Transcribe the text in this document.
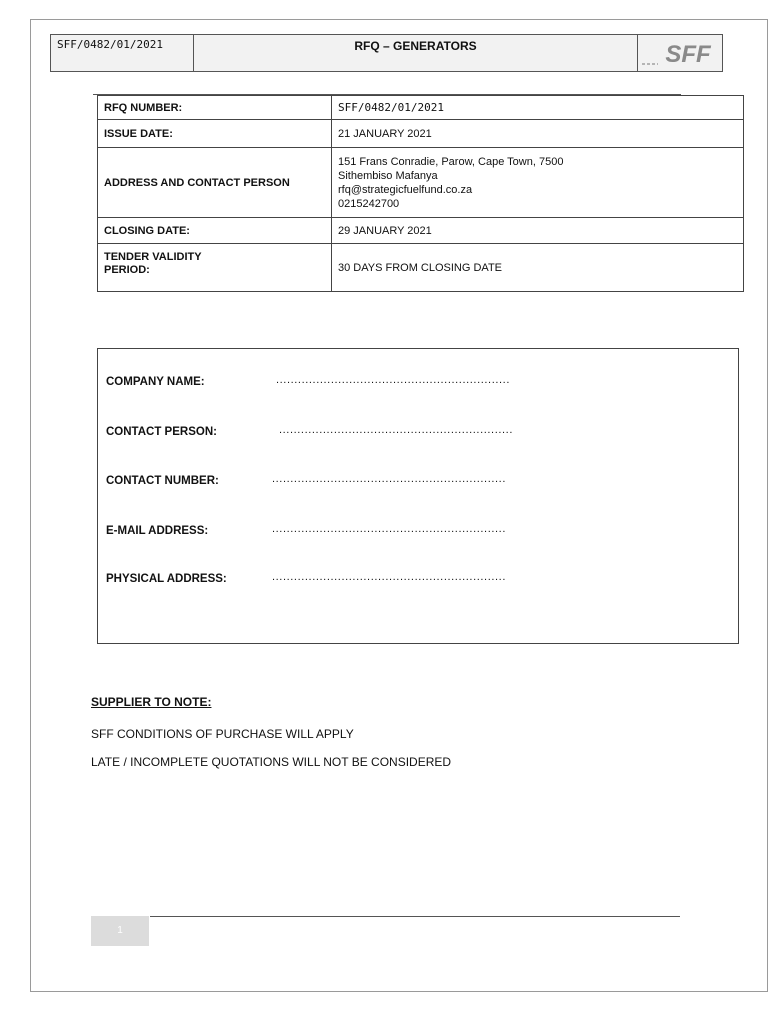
SFF/0482/01/2021	RFQ – GENERATORS	SFF
RFQ NUMBER:	SFF/0482/01/2021
ISSUE DATE:	21 JANUARY 2021
ADDRESS AND CONTACT PERSON	151 Frans Conradie, Parow, Cape Town, 7500
Sithembiso Mafanya
rfq@strategicfuelfund.co.za
0215242700

CLOSING DATE:	29 JANUARY 2021

TENDER VALIDITY
PERIOD:	30 DAYS FROM CLOSING DATE
COMPANY NAME:	................................................................
CONTACT PERSON:	................................................................
CONTACT NUMBER:	................................................................
E-MAIL ADDRESS:	................................................................
PHYSICAL ADDRESS:	................................................................
SUPPLIER TO NOTE:
SFF CONDITIONS OF PURCHASE WILL APPLY
LATE / INCOMPLETE QUOTATIONS WILL NOT BE CONSIDERED
1
